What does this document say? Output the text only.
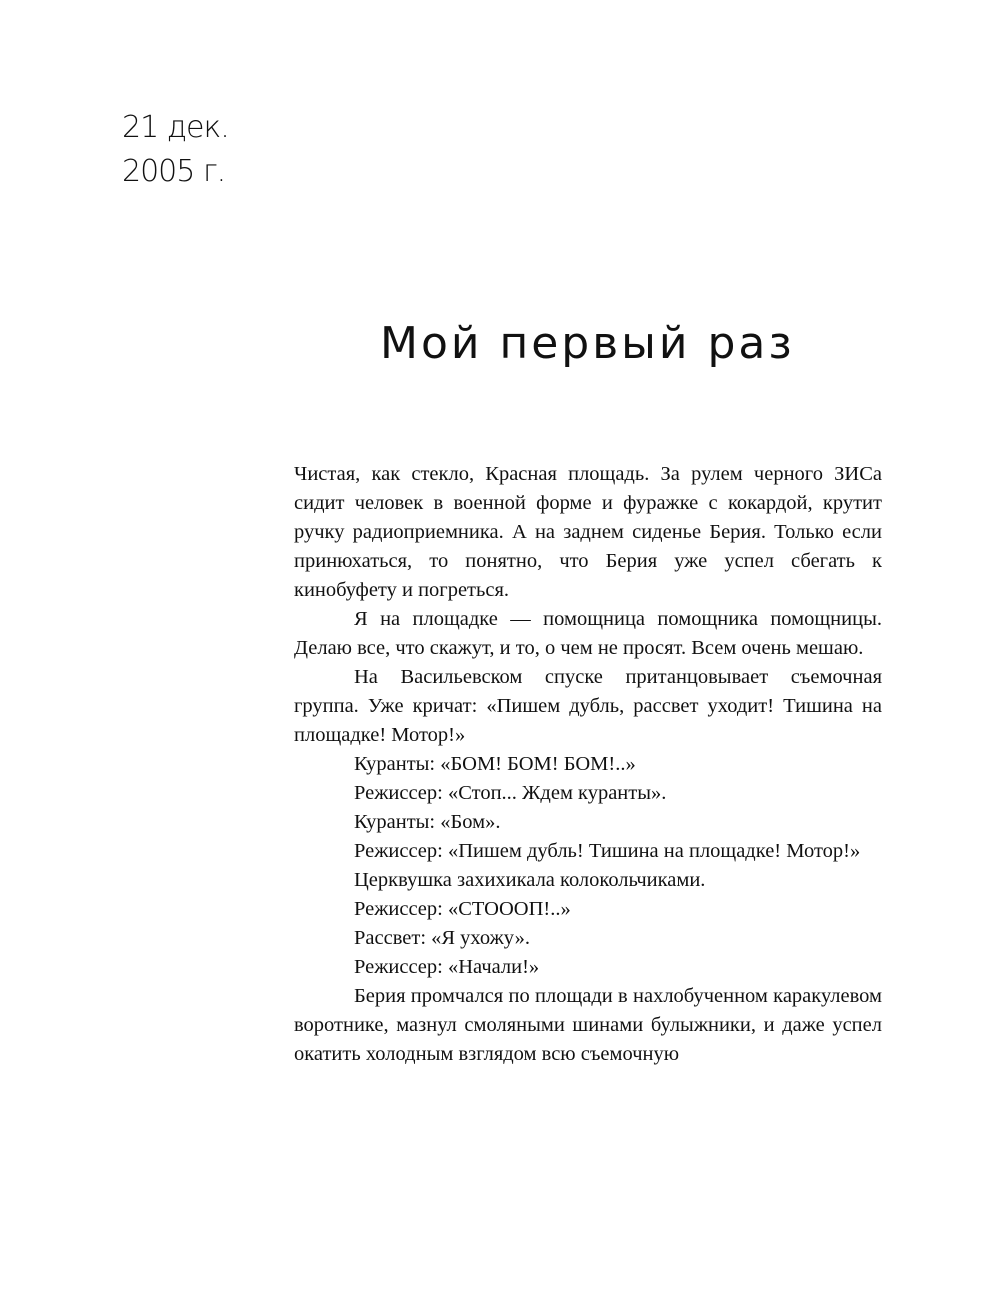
21 дек.
2005 г.
Мой первый раз

Чистая, как стекло, Красная площадь. За рулем черного ЗИСа сидит человек в военной форме и фуражке с кокардой, крутит ручку радиоприемника. А на заднем сиденье Берия. Только если принюхаться, то понятно, что Берия уже успел сбегать к кинобуфету и погреться.

Я на площадке — помощница помощника помощницы. Делаю все, что скажут, и то, о чем не просят. Всем очень мешаю.

На Васильевском спуске пританцовывает съемочная группа. Уже кричат: «Пишем дубль, рассвет уходит! Тишина на площадке! Мотор!»

Куранты: «БОМ! БОМ! БОМ!..»

Режиссер: «Стоп... Ждем куранты».

Куранты: «Бом».

Режиссер: «Пишем дубль! Тишина на площадке! Мотор!»

Церквушка захихикала колокольчиками.

Режиссер: «СТОООП!..»

Рассвет: «Я ухожу».

Режиссер: «Начали!»

Берия промчался по площади в нахлобученном каракулевом воротнике, мазнул смоляными шинами булыжники, и даже успел окатить холодным взглядом всю съемочную
